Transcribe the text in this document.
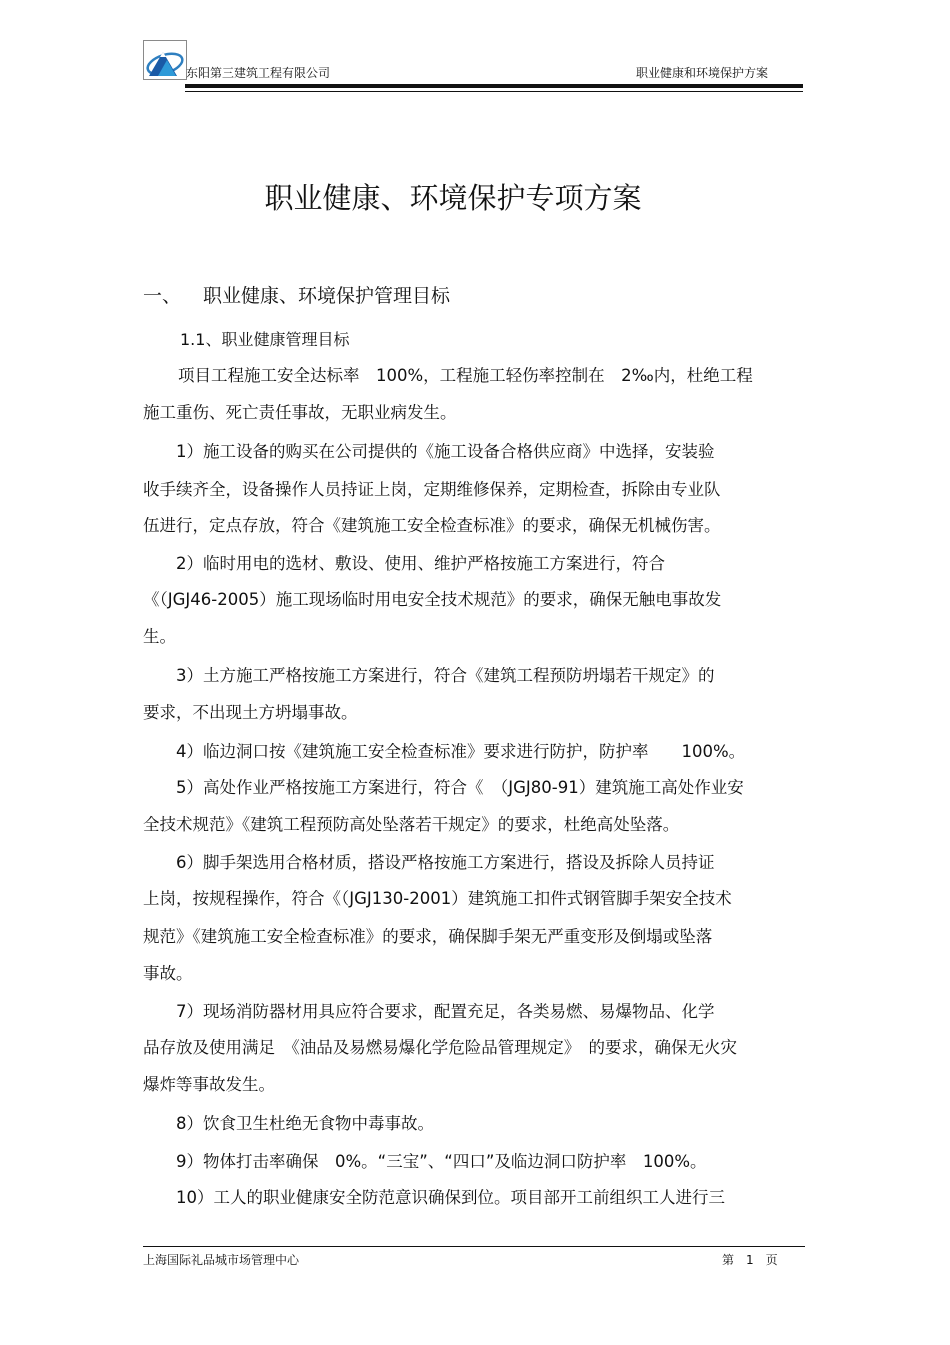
东阳第三建筑工程有限公司	职业健康和环境保护方案
职业健康、环境保护专项方案
一、 职业健康、环境保护管理目标
1.1、职业健康管理目标
项目工程施工安全达标率　100%，工程施工轻伤率控制在　2‰内，杜绝工程
施工重伤、死亡责任事故，无职业病发生。
1）施工设备的购买在公司提供的《施工设备合格供应商》中选择，安装验
收手续齐全，设备操作人员持证上岗，定期维修保养，定期检查，拆除由专业队
伍进行，定点存放，符合《建筑施工安全检查标准》的要求，确保无机械伤害。
2）临时用电的选材、敷设、使用、维护严格按施工方案进行，符合
《（JGJ46-2005）施工现场临时用电安全技术规范》的要求，确保无触电事故发
生。
3）土方施工严格按施工方案进行，符合《建筑工程预防坍塌若干规定》的
要求，不出现土方坍塌事故。
4）临边洞口按《建筑施工安全检查标准》要求进行防护，防护率　　100%。
5）高处作业严格按施工方案进行，符合《　（JGJ80-91）建筑施工高处作业安
全技术规范》《建筑工程预防高处坠落若干规定》的要求，杜绝高处坠落。
6）脚手架选用合格材质，搭设严格按施工方案进行，搭设及拆除人员持证
上岗，按规程操作，符合《（JGJ130-2001）建筑施工扣件式钢管脚手架安全技术
规范》《建筑施工安全检查标准》的要求，确保脚手架无严重变形及倒塌或坠落
事故。
7）现场消防器材用具应符合要求，配置充足，各类易燃、易爆物品、化学
品存放及使用满足　《油品及易燃易爆化学危险品管理规定》　的要求，确保无火灾
爆炸等事故发生。
8）饮食卫生杜绝无食物中毒事故。
9）物体打击率确保　0%。“三宝”、“四口”及临边洞口防护率　100%。
10）工人的职业健康安全防范意识确保到位。项目部开工前组织工人进行三
上海国际礼品城市场管理中心	第　1　页
